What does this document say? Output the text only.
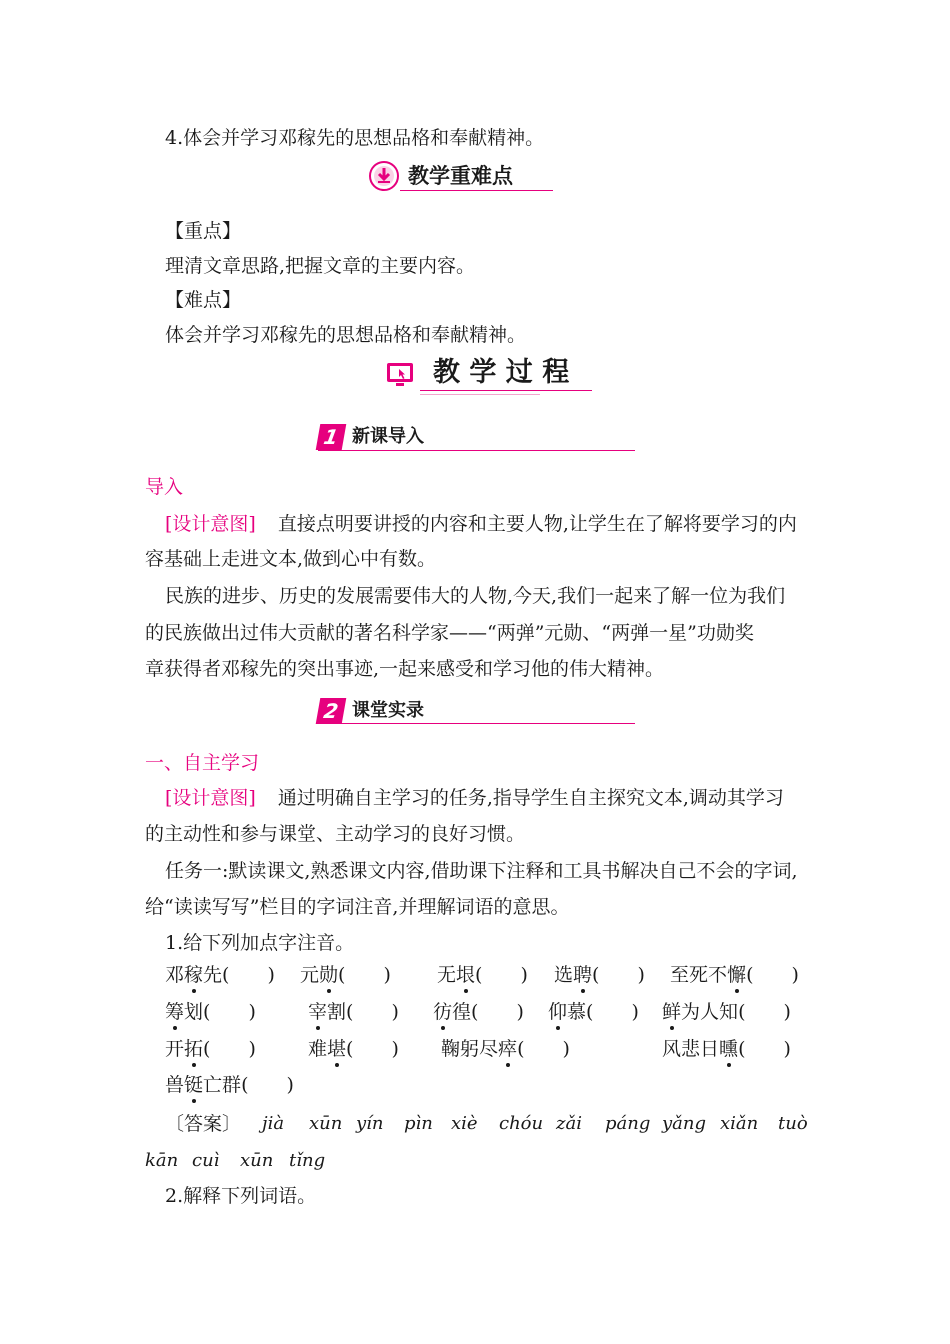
4.体会并学习邓稼先的思想品格和奉献精神。
教学重难点
【重点】
理清文章思路,把握文章的主要内容。
【难点】
体会并学习邓稼先的思想品格和奉献精神。
教 学 过 程
1 新课导入
导入
[设计意图] 直接点明要讲授的内容和主要人物,让学生在了解将要学习的内
容基础上走进文本,做到心中有数。
民族的进步、历史的发展需要伟大的人物,今天,我们一起来了解一位为我们
的民族做出过伟大贡献的著名科学家——“两弹”元勋、“两弹一星”功勋奖
章获得者邓稼先的突出事迹,一起来感受和学习他的伟大精神。
2 课堂实录
一、自主学习
[设计意图] 通过明确自主学习的任务,指导学生自主探究文本,调动其学习
的主动性和参与课堂、主动学习的良好习惯。
任务一:默读课文,熟悉课文内容,借助课下注释和工具书解决自己不会的字词,
给“读读写写”栏目的字词注音,并理解词语的意思。
1.给下列加点字注音。
邓稼先(　　 ) 元勋(　　 ) 无垠(　　 ) 选聘(　　 ) 至死不懈(　　 )
筹划(　　 )	宰割(　　 ) 彷徨(　　 ) 仰慕(　　 ) 鲜为人知(　　 )
开拓(　　 )	难堪(　　 ) 鞠躬尽瘁(　　 )	风悲日曛(　　 )
兽铤亡群(　　 )
〔答案〕 jià xūn yín pìn xiè chóu zǎi páng yǎng xiǎn tuò
kān cuì xūn tǐng
2.解释下列词语。
